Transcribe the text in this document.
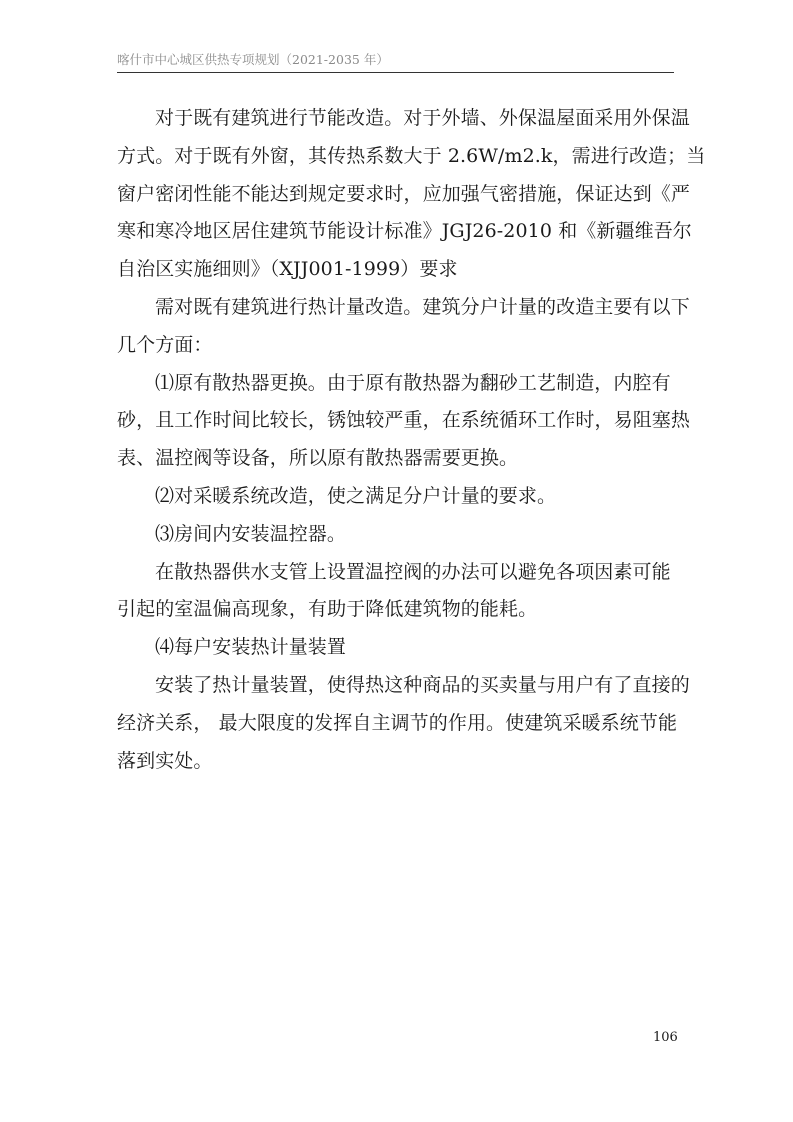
喀什市中心城区供热专项规划（2021-2035 年）
对于既有建筑进行节能改造。对于外墙、外保温屋面采用外保温
方式。对于既有外窗，其传热系数大于 2.6W/m2.k，需进行改造；当
窗户密闭性能不能达到规定要求时，应加强气密措施，保证达到《严
寒和寒冷地区居住建筑节能设计标准》JGJ26-2010 和《新疆维吾尔
自治区实施细则》（XJJ001-1999）要求
需对既有建筑进行热计量改造。建筑分户计量的改造主要有以下
几个方面：
⑴原有散热器更换。由于原有散热器为翻砂工艺制造，内腔有
砂，且工作时间比较长，锈蚀较严重，在系统循环工作时，易阻塞热
表、温控阀等设备，所以原有散热器需要更换。
⑵对采暖系统改造，使之满足分户计量的要求。
⑶房间内安装温控器。
在散热器供水支管上设置温控阀的办法可以避免各项因素可能
引起的室温偏高现象，有助于降低建筑物的能耗。
⑷每户安装热计量装置
安装了热计量装置，使得热这种商品的买卖量与用户有了直接的
经济关系， 最大限度的发挥自主调节的作用。使建筑采暖系统节能
落到实处。
106
